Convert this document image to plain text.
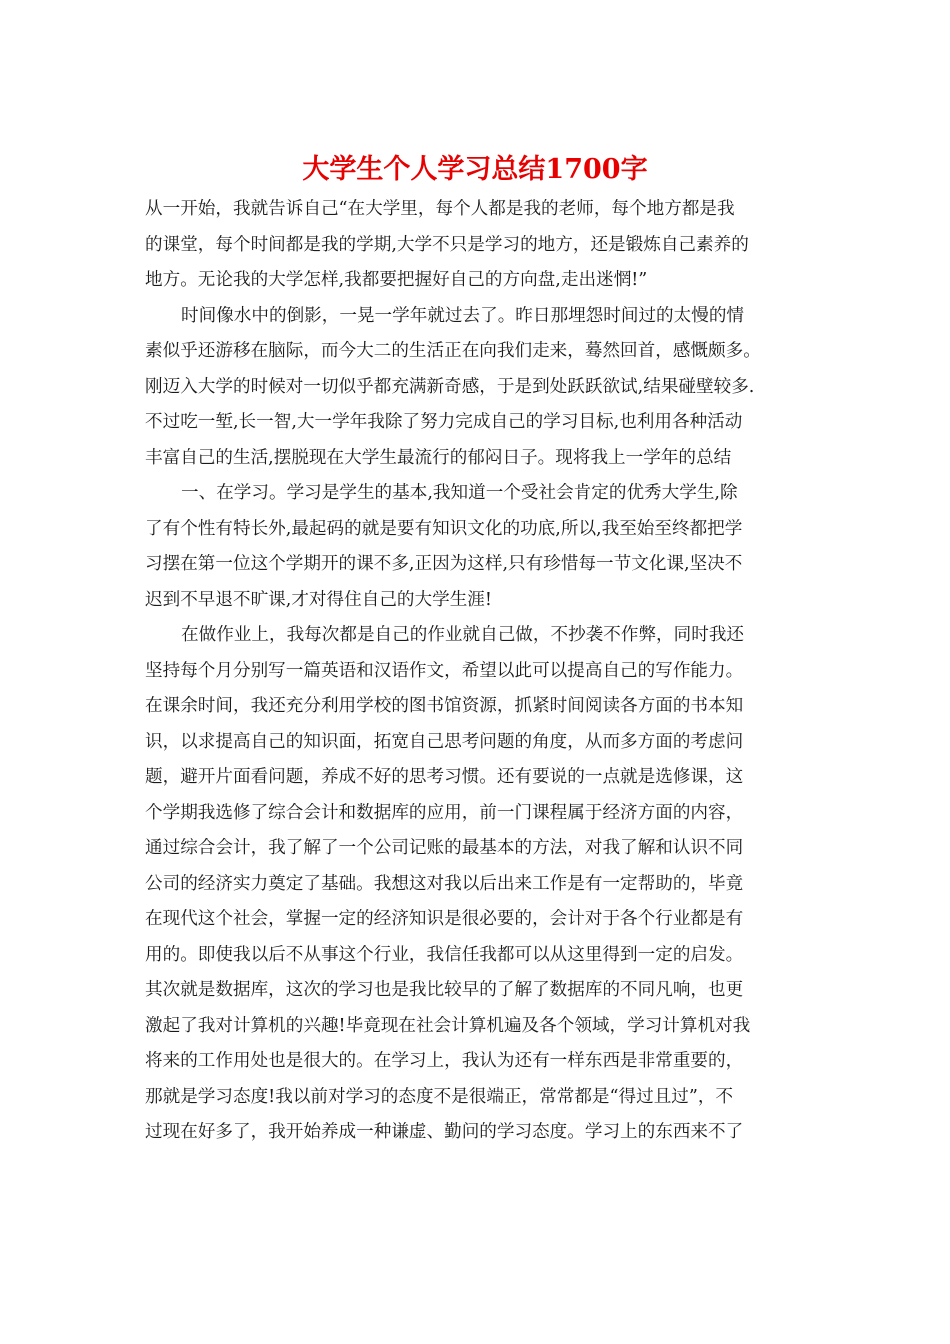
大学生个人学习总结1700字
从一开始，我就告诉自己“在大学里，每个人都是我的老师，每个地方都是我
的课堂，每个时间都是我的学期,大学不只是学习的地方，还是锻炼自己素养的
地方。无论我的大学怎样,我都要把握好自己的方向盘,走出迷惘!”
时间像水中的倒影，一晃一学年就过去了。昨日那埋怨时间过的太慢的情
素似乎还游移在脑际，而今大二的生活正在向我们走来，蓦然回首，感慨颇多。
刚迈入大学的时候对一切似乎都充满新奇感，于是到处跃跃欲试,结果碰壁较多.
不过吃一堑,长一智,大一学年我除了努力完成自己的学习目标,也利用各种活动
丰富自己的生活,摆脱现在大学生最流行的郁闷日子。现将我上一学年的总结
一、在学习。学习是学生的基本,我知道一个受社会肯定的优秀大学生,除
了有个性有特长外,最起码的就是要有知识文化的功底,所以,我至始至终都把学
习摆在第一位这个学期开的课不多,正因为这样,只有珍惜每一节文化课,坚决不
迟到不早退不旷课,才对得住自己的大学生涯!
在做作业上，我每次都是自己的作业就自己做，不抄袭不作弊，同时我还
坚持每个月分别写一篇英语和汉语作文，希望以此可以提高自己的写作能力。
在课余时间，我还充分利用学校的图书馆资源，抓紧时间阅读各方面的书本知
识，以求提高自己的知识面，拓宽自己思考问题的角度，从而多方面的考虑问
题，避开片面看问题，养成不好的思考习惯。还有要说的一点就是选修课，这
个学期我选修了综合会计和数据库的应用，前一门课程属于经济方面的内容，
通过综合会计，我了解了一个公司记账的最基本的方法，对我了解和认识不同
公司的经济实力奠定了基础。我想这对我以后出来工作是有一定帮助的，毕竟
在现代这个社会，掌握一定的经济知识是很必要的，会计对于各个行业都是有
用的。即使我以后不从事这个行业，我信任我都可以从这里得到一定的启发。
其次就是数据库，这次的学习也是我比较早的了解了数据库的不同凡响，也更
激起了我对计算机的兴趣!毕竟现在社会计算机遍及各个领域，学习计算机对我
将来的工作用处也是很大的。在学习上，我认为还有一样东西是非常重要的，
那就是学习态度!我以前对学习的态度不是很端正，常常都是“得过且过”，不
过现在好多了，我开始养成一种谦虚、勤问的学习态度。学习上的东西来不了
